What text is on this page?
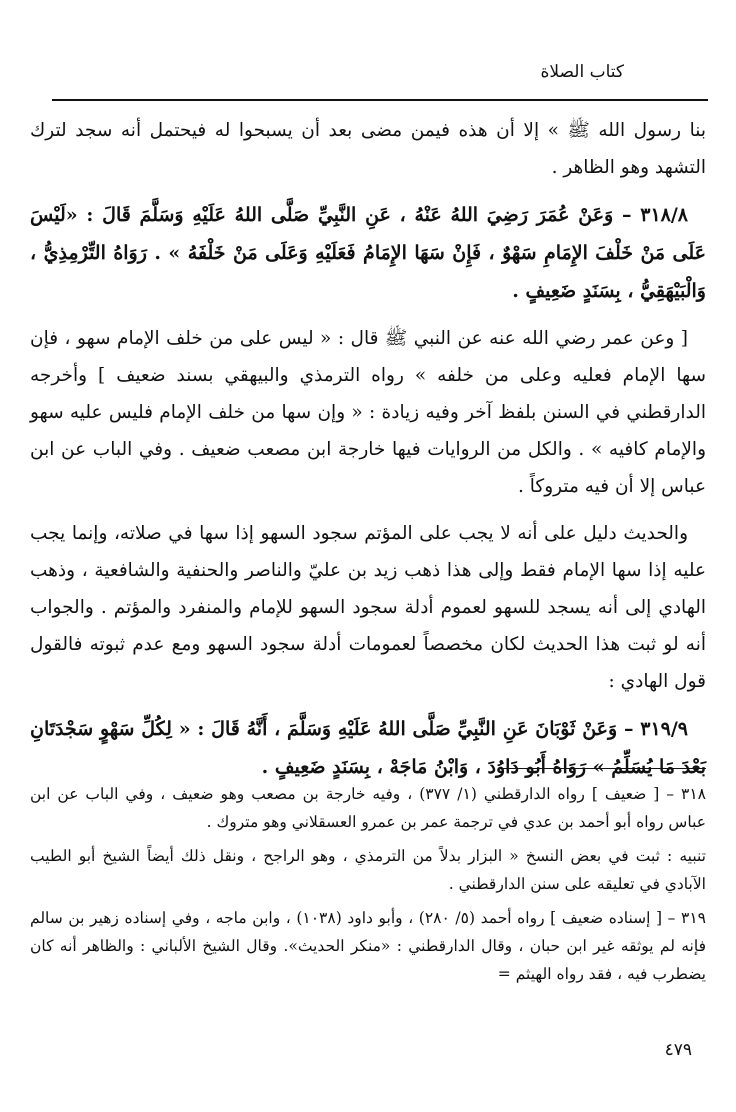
كتاب الصلاة

بنا رسول الله ﷺ » إلا أن هذه فيمن مضى بعد أن يسبحوا له فيحتمل أنه سجد لترك التشهد وهو الظاهر .

٣١٨/٨ – وَعَنْ عُمَرَ رَضِيَ اللهُ عَنْهُ ، عَنِ النَّبِيِّ صَلَّى اللهُ عَلَيْهِ وَسَلَّمَ قَالَ : «لَيْسَ عَلَى مَنْ خَلْفَ الإِمَامِ سَهْوٌ ، فَإِنْ سَهَا الإِمَامُ فَعَلَيْهِ وَعَلَى مَنْ خَلْفَهُ » . رَوَاهُ التِّرْمِذِيُّ ، وَالْبَيْهَقِيُّ ، بِسَنَدٍ ضَعِيفٍ .

[ وعن عمر رضي الله عنه عن النبي ﷺ قال : « ليس على من خلف الإمام سهو ، فإن سها الإمام فعليه وعلى من خلفه » رواه الترمذي والبيهقي بسند ضعيف ] وأخرجه الدارقطني في السنن بلفظ آخر وفيه زيادة : « وإن سها من خلف الإمام فليس عليه سهو والإمام كافيه » . والكل من الروايات فيها خارجة ابن مصعب ضعيف . وفي الباب عن ابن عباس إلا أن فيه متروكاً .

والحديث دليل على أنه لا يجب على المؤتم سجود السهو إذا سها في صلاته، وإنما يجب عليه إذا سها الإمام فقط وإلى هذا ذهب زيد بن عليّ والناصر والحنفية والشافعية ، وذهب الهادي إلى أنه يسجد للسهو لعموم أدلة سجود السهو للإمام والمنفرد والمؤتم . والجواب أنه لو ثبت هذا الحديث لكان مخصصاً لعمومات أدلة سجود السهو ومع عدم ثبوته فالقول قول الهادي :

٣١٩/٩ – وَعَنْ ثَوْبَانَ عَنِ النَّبِيِّ صَلَّى اللهُ عَلَيْهِ وَسَلَّمَ ، أَنَّهُ قَالَ : « لِكُلِّ سَهْوٍ سَجْدَتَانِ بَعْدَ مَا يُسَلِّمُ » رَوَاهُ أَبُو دَاوُدَ ، وَابْنُ مَاجَهْ ، بِسَنَدٍ ضَعِيفٍ .

٣١٨ – [ ضعيف ] رواه الدارقطني (١/ ٣٧٧) ، وفيه خارجة بن مصعب وهو ضعيف ، وفي الباب عن ابن عباس رواه أبو أحمد بن عدي في ترجمة عمر بن عمرو العسقلاني وهو متروك .

تنبيه : ثبت في بعض النسخ « البزار بدلاً من الترمذي ، وهو الراجح ، ونقل ذلك أيضاً الشيخ أبو الطيب الآبادي في تعليقه على سنن الدارقطني .

٣١٩ – [ إسناده ضعيف ] رواه أحمد (٥/ ٢٨٠) ، وأبو داود (١٠٣٨) ، وابن ماجه ، وفي إسناده زهير بن سالم فإنه لم يوثقه غير ابن حبان ، وقال الدارقطني : «منكر الحديث». وقال الشيخ الألباني : والظاهر أنه كان يضطرب فيه ، فقد رواه الهيثم =

٤٧٩
